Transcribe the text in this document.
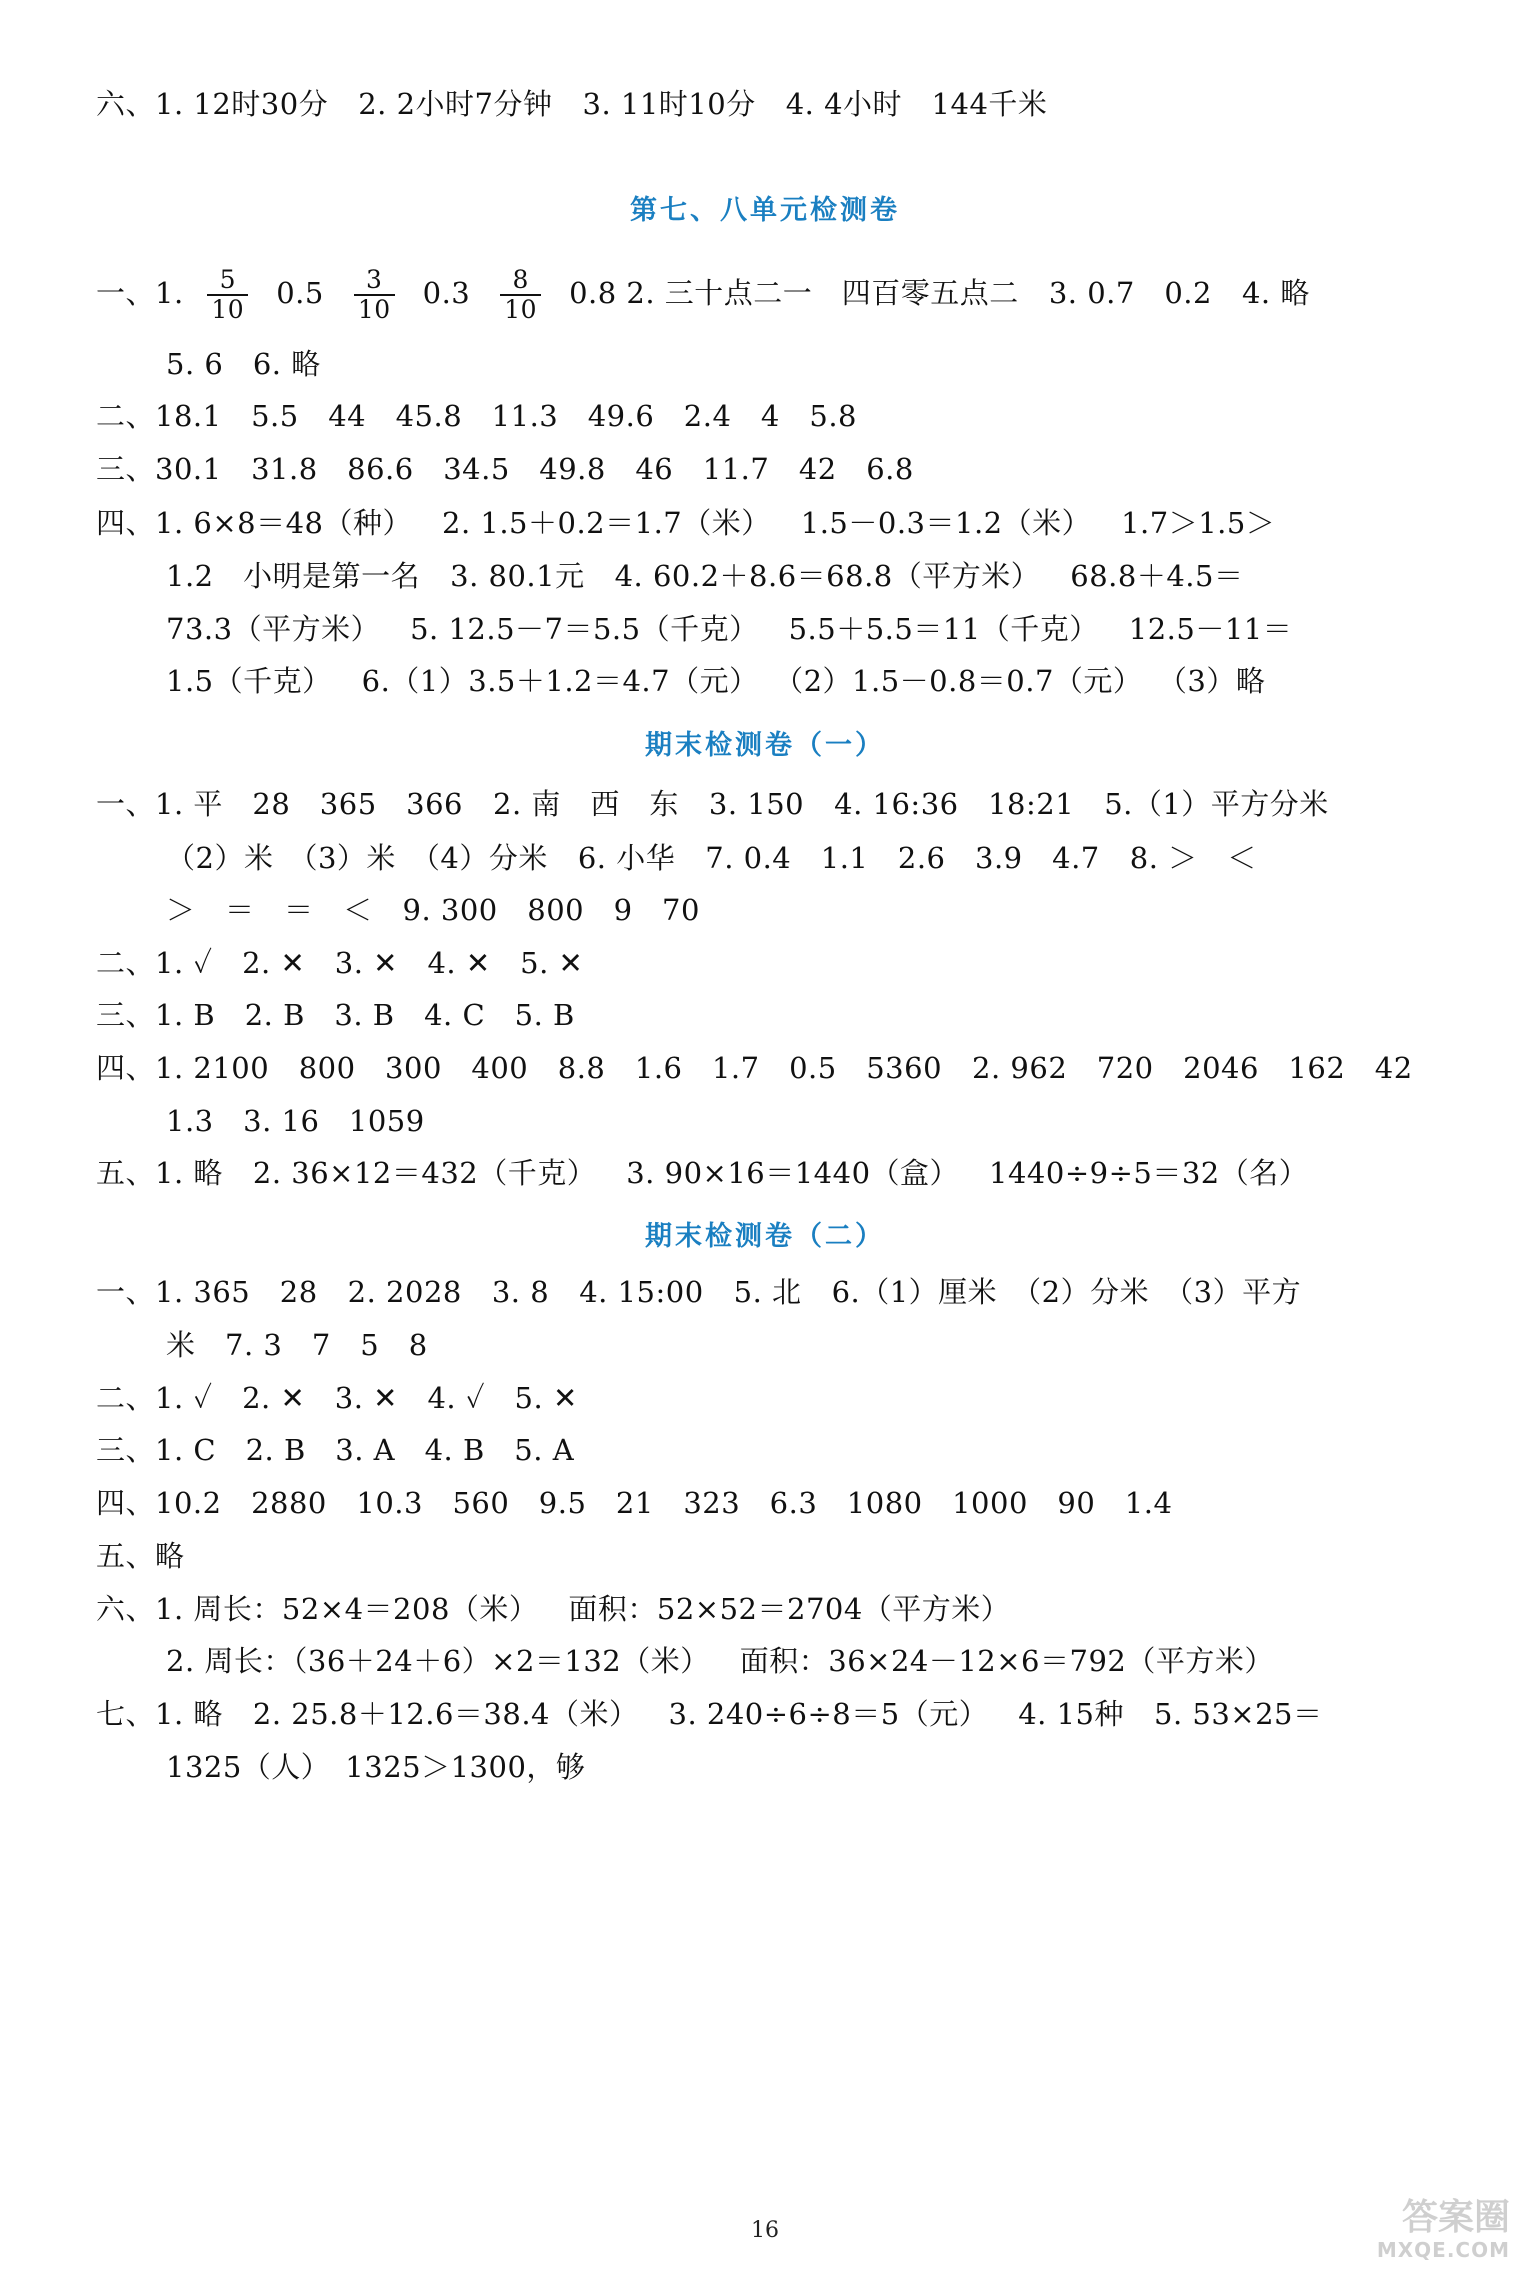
六、1. 12时30分 2. 2小时7分钟 3. 11时10分 4. 4小时　144千米
第七、八单元检测卷
一、1. $\frac{5}{10} 0.5 \frac{3}{10} 0.3 \frac{8}{10} 0.8$ 2. 三十点二一　四百零五点二 3. 0.7　0.2 4. 略
5. 6　6. 略
二、18.1　5.5　44　45.8　11.3　49.6　2.4　4　5.8
三、30.1　31.8　86.6　34.5　49.8　46　11.7　42　6.8
四、1. 6×8＝48（种） 2. 1.5＋0.2＝1.7（米） 1.5－0.3＝1.2（米） 1.7＞1.5＞
1.2　小明是第一名 3. 80.1元 4. 60.2＋8.6＝68.8（平方米） 68.8＋4.5＝
73.3（平方米） 5. 12.5－7＝5.5（千克） 5.5＋5.5＝11（千克） 12.5－11＝
1.5（千克） 6.（1）3.5＋1.2＝4.7（元） （2）1.5－0.8＝0.7（元） （3）略
期末检测卷（一）
一、1. 平　28　365　366 2. 南　西　东 3. 150 4. 16:36　18:21 5.（1）平方分米
（2）米　（3）米　（4）分米 6. 小华 7. 0.4　1.1　2.6　3.9　4.7 8. ＞　＜
＞　＝　＝　＜ 9. 300　800　9　70
二、1. ✓　2. ✕　3. ✕　4. ✕　5. ✕
三、1. B　2. B　3. B　4. C　5. B
四、1. 2100　800　300　400　8.8　1.6　1.7　0.5　5360 2. 962　720　2046　162　42
1.3　3. 16　1059
五、1. 略 2. 36×12＝432（千克） 3. 90×16＝1440（盒） 1440÷9÷5＝32（名）
期末检测卷（二）
一、1. 365　28 2. 2028 3. 8 4. 15:00 5. 北 6.（1）厘米　（2）分米　（3）平方
米　7. 3　7　5　8
二、1. ✓　2. ✕　3. ✕　4. ✓　5. ✕
三、1. C　2. B　3. A　4. B　5. A
四、10.2　2880　10.3　560　9.5　21　323　6.3　1080　1000　90　1.4
五、略
六、1. 周长：52×4＝208（米） 面积：52×52＝2704（平方米）
2. 周长：（36＋24＋6）×2＝132（米） 面积：36×24－12×6＝792（平方米）
七、1. 略 2. 25.8＋12.6＝38.4（米） 3. 240÷6÷8＝5（元） 4. 15种 5. 53×25＝
1325（人）　1325＞1300，够
16	答案圈
MXQE.COM
